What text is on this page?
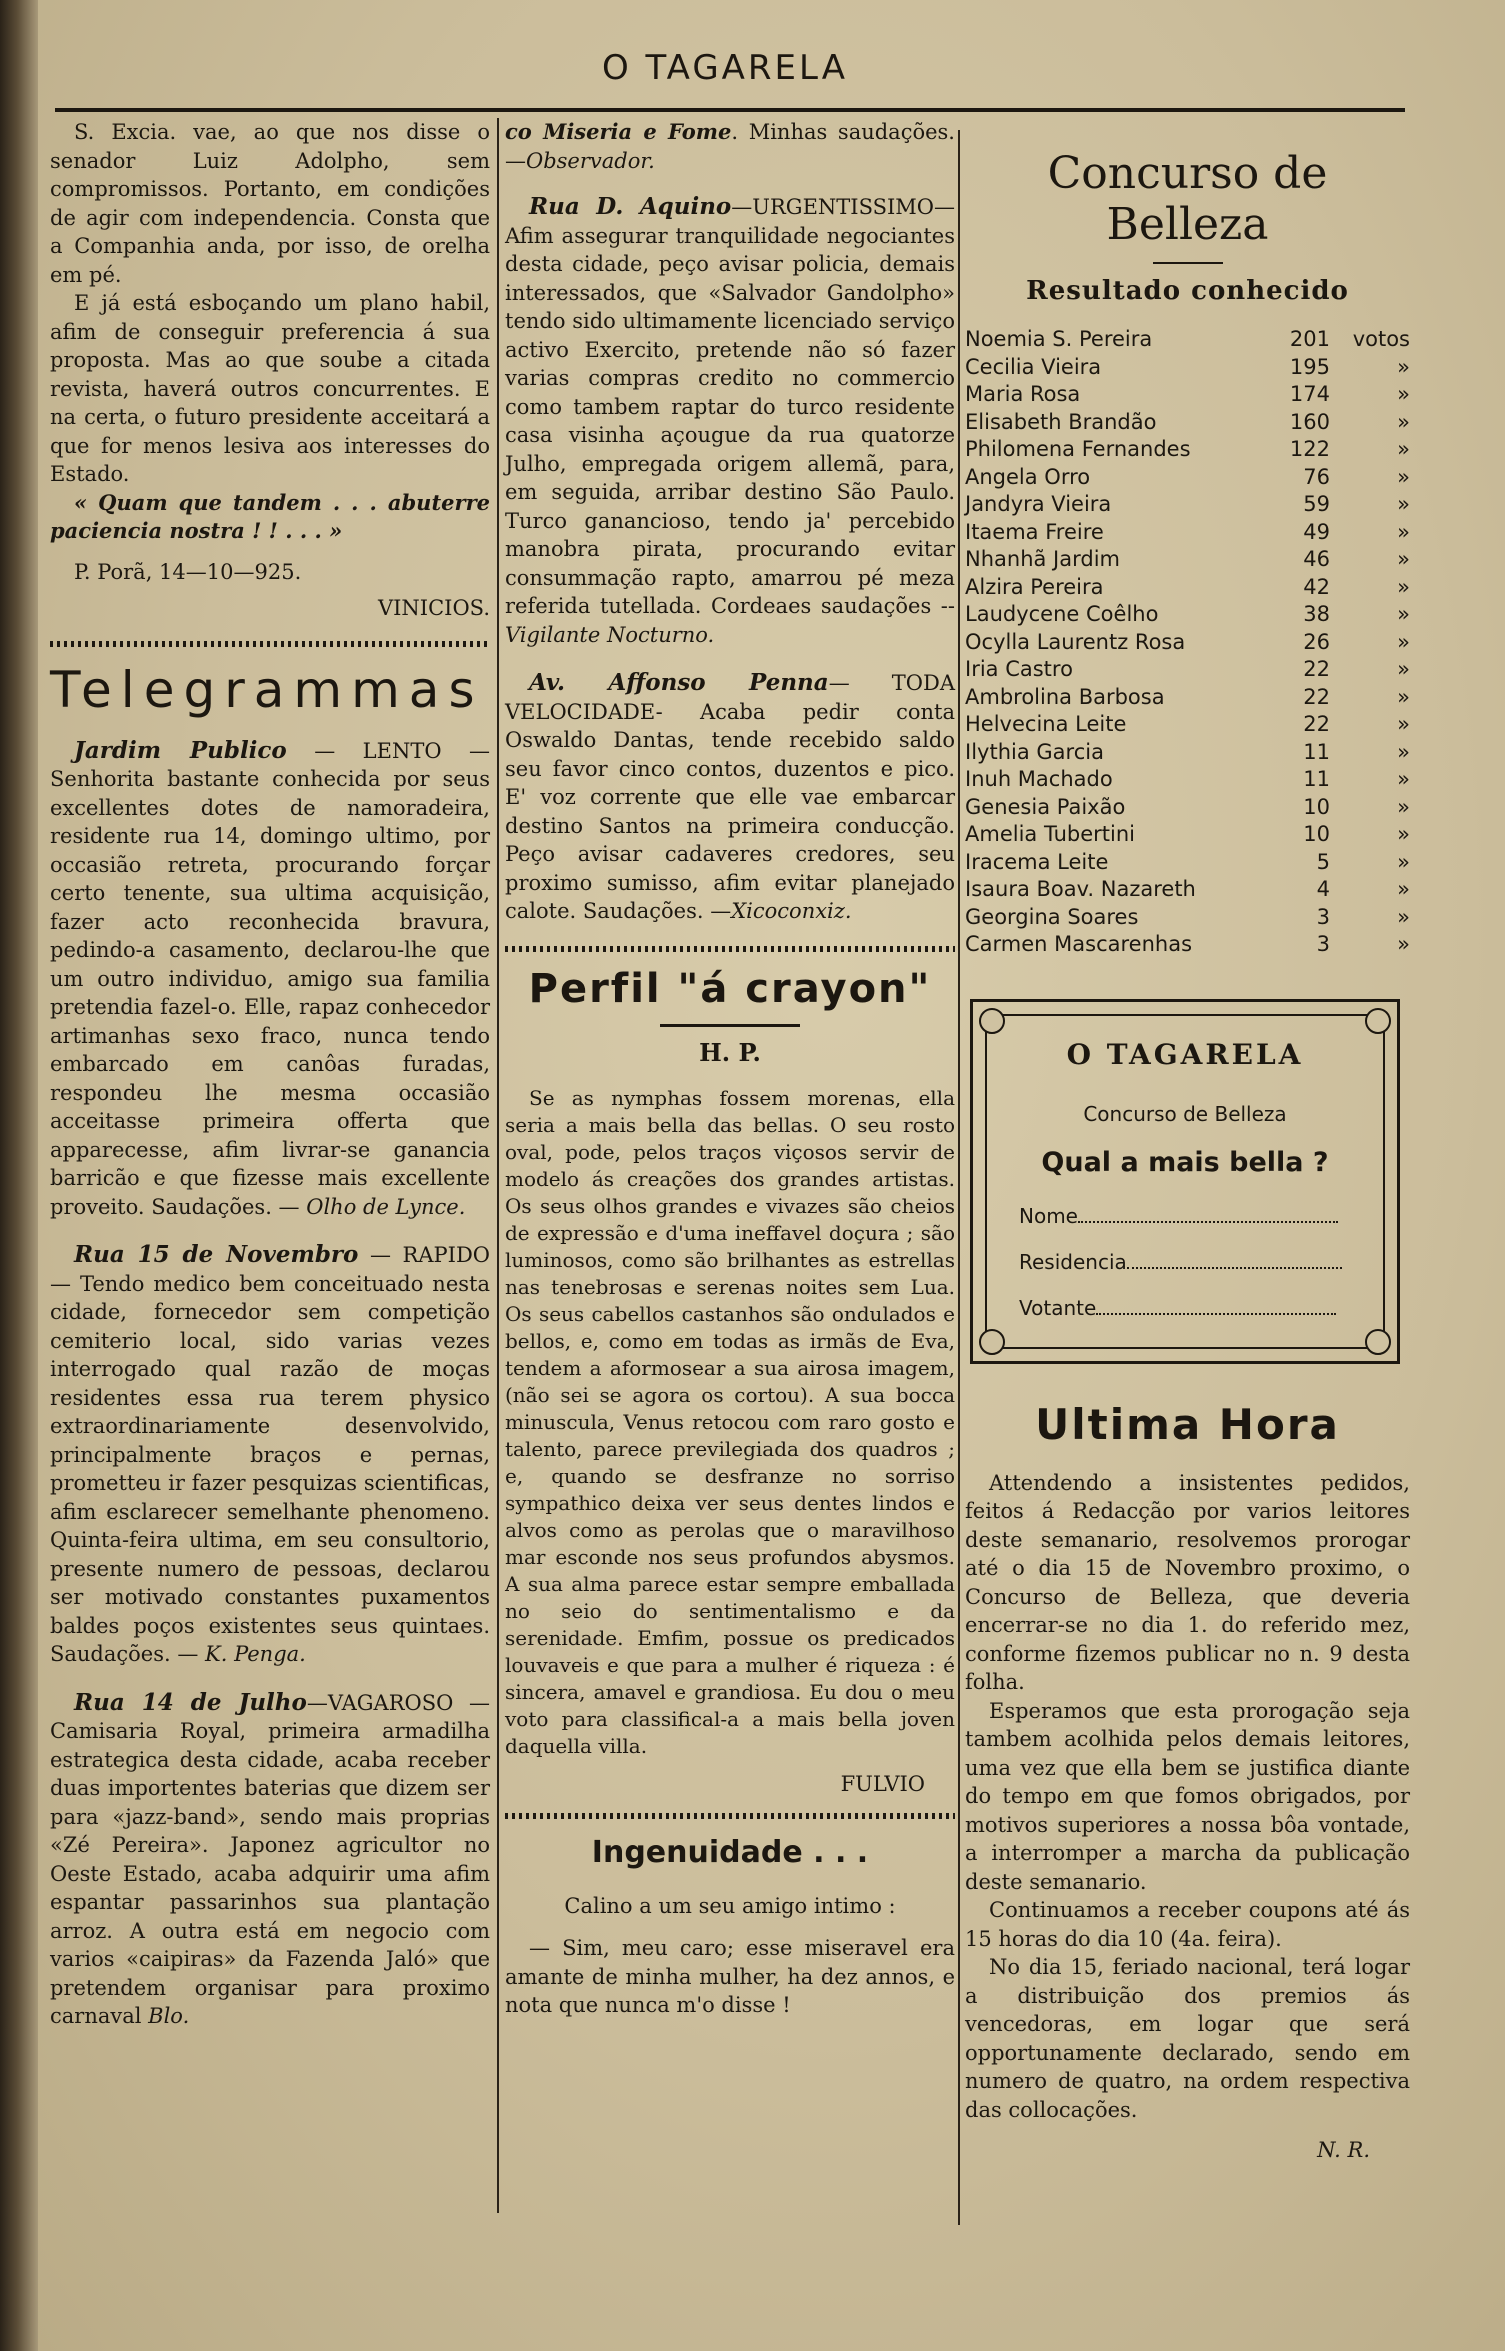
O TAGARELA

S. Excia. vae, ao que nos disse o senador Luiz Adolpho, sem compromissos. Portanto, em condições de agir com independencia. Consta que a Companhia anda, por isso, de orelha em pé.

E já está esboçando um plano habil, afim de conseguir preferencia á sua proposta. Mas ao que soube a citada revista, haverá outros concurrentes. E na certa, o futuro presidente acceitará a que for menos lesiva aos interesses do Estado.

« Quam que tandem . . . abuterre paciencia nostra ! ! . . . »

P. Porã, 14—10—925.

VINICIOS.

Telegrammas

Jardim Publico — LENTO — Senhorita bastante conhecida por seus excellentes dotes de namoradeira, residente rua 14, domingo ultimo, por occasião retreta, procurando forçar certo tenente, sua ultima acquisição, fazer acto reconhecida bravura, pedindo-a casamento, declarou-lhe que um outro individuo, amigo sua familia pretendia fazel-o. Elle, rapaz conhecedor artimanhas sexo fraco, nunca tendo embarcado em canôas furadas, respondeu lhe mesma occasião acceitasse primeira offerta que apparecesse, afim livrar-se ganancia barricão e que fizesse mais excellente proveito. Saudações. — Olho de Lynce.

Rua 15 de Novembro — RAPIDO — Tendo medico bem conceituado nesta cidade, fornecedor sem competição cemiterio local, sido varias vezes interrogado qual razão de moças residentes essa rua terem physico extraordinariamente desenvolvido, principalmente braços e pernas, prometteu ir fazer pesquizas scientificas, afim esclarecer semelhante phenomeno. Quinta-feira ultima, em seu consultorio, presente numero de pessoas, declarou ser motivado constantes puxamentos baldes poços existentes seus quintaes. Saudações. — K. Penga.

Rua 14 de Julho—VAGAROSO — Camisaria Royal, primeira armadilha estrategica desta cidade, acaba receber duas importentes baterias que dizem ser para «jazz-band», sendo mais proprias «Zé Pereira». Japonez agricultor no Oeste Estado, acaba adquirir uma afim espantar passarinhos sua plantação arroz. A outra está em negocio com varios «caipiras» da Fazenda Jaló» que pretendem organisar para proximo carnaval Blo.

co Miseria e Fome. Minhas saudações.—Observador.

Rua D. Aquino—URGENTISSIMO—Afim assegurar tranquilidade negociantes desta cidade, peço avisar policia, demais interessados, que «Salvador Gandolpho» tendo sido ultimamente licenciado serviço activo Exercito, pretende não só fazer varias compras credito no commercio como tambem raptar do turco residente casa visinha açougue da rua quatorze Julho, empregada origem allemã, para, em seguida, arribar destino São Paulo. Turco ganancioso, tendo ja' percebido manobra pirata, procurando evitar consummação rapto, amarrou pé meza referida tutellada. Cordeaes saudações -- Vigilante Nocturno.

Av. Affonso Penna— TODA VELOCIDADE- Acaba pedir conta Oswaldo Dantas, tende recebido saldo seu favor cinco contos, duzentos e pico. E' voz corrente que elle vae embarcar destino Santos na primeira conducção. Peço avisar cadaveres credores, seu proximo sumisso, afim evitar planejado calote. Saudações. —Xicoconxiz.

Perfil "á crayon"

H. P.

Se as nymphas fossem morenas, ella seria a mais bella das bellas. O seu rosto oval, pode, pelos traços viçosos servir de modelo ás creações dos grandes artistas. Os seus olhos grandes e vivazes são cheios de expressão e d'uma ineffavel doçura ; são luminosos, como são brilhantes as estrellas nas tenebrosas e serenas noites sem Lua. Os seus cabellos castanhos são ondulados e bellos, e, como em todas as irmãs de Eva, tendem a aformosear a sua airosa imagem, (não sei se agora os cortou). A sua bocca minuscula, Venus retocou com raro gosto e talento, parece previlegiada dos quadros ; e, quando se desfranze no sorriso sympathico deixa ver seus dentes lindos e alvos como as perolas que o maravilhoso mar esconde nos seus profundos abysmos. A sua alma parece estar sempre emballada no seio do sentimentalismo e da serenidade. Emfim, possue os predicados louvaveis e que para a mulher é riqueza : é sincera, amavel e grandiosa. Eu dou o meu voto para classifical-a a mais bella joven daquella villa.

FULVIO

Ingenuidade . . .

Calino a um seu amigo intimo :

— Sim, meu caro; esse miseravel era amante de minha mulher, ha dez annos, e nota que nunca m'o disse !

Concurso de Belleza
Resultado conhecido
Noemia S. Pereira	201	votos
Cecilia Vieira	195	»
Maria Rosa	174	»
Elisabeth Brandão	160	»
Philomena Fernandes	122	»
Angela Orro	76	»
Jandyra Vieira	59	»
Itaema Freire	49	»
Nhanhã Jardim	46	»
Alzira Pereira	42	»
Laudycene Coêlho	38	»
Ocylla Laurentz Rosa	26	»
Iria Castro	22	»
Ambrolina Barbosa	22	»
Helvecina Leite	22	»
Ilythia Garcia	11	»
Inuh Machado	11	»
Genesia Paixão	10	»
Amelia Tubertini	10	»
Iracema Leite	5	»
Isaura Boav. Nazareth	4	»
Georgina Soares	3	»
Carmen Mascarenhas	3	»
O TAGARELA
Concurso de Belleza
Qual a mais bella ?
Nome
Residencia
Votante
Ultima Hora

Attendendo a insistentes pedidos, feitos á Redacção por varios leitores deste semanario, resolvemos prorogar até o dia 15 de Novembro proximo, o Concurso de Belleza, que deveria encerrar-se no dia 1. do referido mez, conforme fizemos publicar no n. 9 desta folha.

Esperamos que esta prorogação seja tambem acolhida pelos demais leitores, uma vez que ella bem se justifica diante do tempo em que fomos obrigados, por motivos superiores a nossa bôa vontade, a interromper a marcha da publicação deste semanario.

Continuamos a receber coupons até ás 15 horas do dia 10 (4a. feira).

No dia 15, feriado nacional, terá logar a distribuição dos premios ás vencedoras, em logar que será opportunamente declarado, sendo em numero de quatro, na ordem respectiva das collocações.

N. R.
